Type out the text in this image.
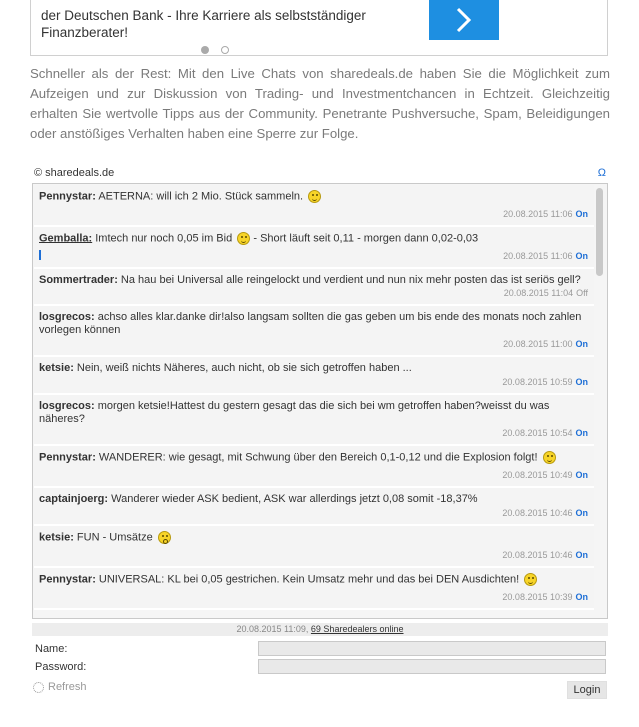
der Deutschen Bank - Ihre Karriere als selbstständiger Finanzberater!

Schneller als der Rest: Mit den Live Chats von sharedeals.de haben Sie die Möglichkeit zum Aufzeigen und zur Diskussion von Trading- und Investmentchancen in Echtzeit. Gleichzeitig erhalten Sie wertvolle Tipps aus der Community. Penetrante Pushversuche, Spam, Beleidigungen oder anstößiges Verhalten haben eine Sperre zur Folge.
© sharedeals.de	Ω
Pennystar: AETERNA: will ich 2 Mio. Stück sammeln.
20.08.2015 11:06 On
Gemballa: Imtech nur noch 0,05 im Bid - Short läuft seit 0,11 - morgen dann 0,02-0,03
20.08.2015 11:06 On
Sommertrader: Na hau bei Universal alle reingelockt und verdient und nun nix mehr posten das ist seriös gell?
20.08.2015 11:04 Off
losgrecos: achso alles klar.danke dir!also langsam sollten die gas geben um bis ende des monats noch zahlen vorlegen können
20.08.2015 11:00 On
ketsie: Nein, weiß nichts Näheres, auch nicht, ob sie sich getroffen haben ...
20.08.2015 10:59 On
losgrecos: morgen ketsie!Hattest du gestern gesagt das die sich bei wm getroffen haben?weisst du was näheres?
20.08.2015 10:54 On
Pennystar: WANDERER: wie gesagt, mit Schwung über den Bereich 0,1-0,12 und die Explosion folgt!
20.08.2015 10:49 On
captainjoerg: Wanderer wieder ASK bedient, ASK war allerdings jetzt 0,08 somit -18,37%
20.08.2015 10:46 On
ketsie: FUN - Umsätze
20.08.2015 10:46 On
Pennystar: UNIVERSAL: KL bei 0,05 gestrichen. Kein Umsatz mehr und das bei DEN Ausdichten!
20.08.2015 10:39 On
20.08.2015 11:09, 69 Sharedealers online
Name:
Password:
Refresh	Login
